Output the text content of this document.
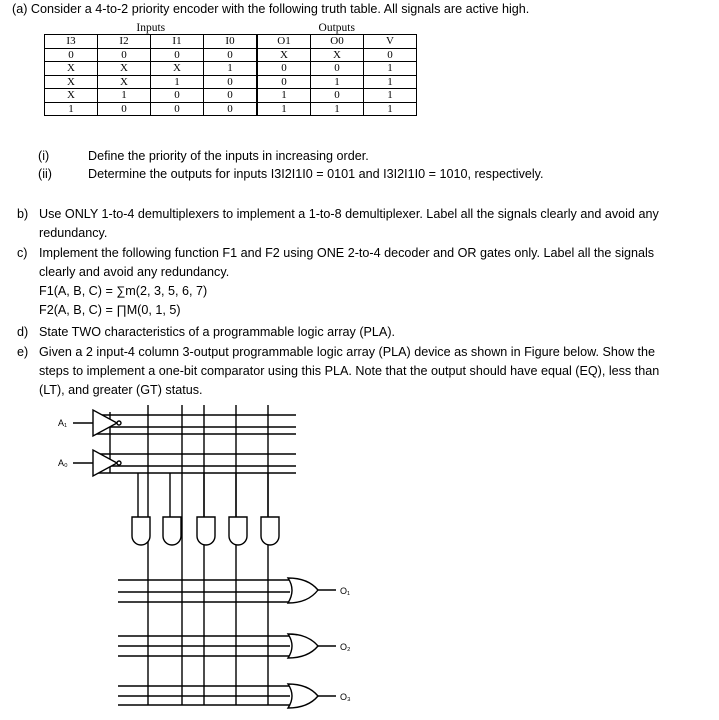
(a) Consider a 4-to-2 priority encoder with the following truth table. All signals are active high.
Inputs				Outputs		
I3	I2	I1	I0	O1	O0	V
0	0	0	0	X	X	0
X	X	X	1	0	0	1
X	X	1	0	0	1	1
X	1	0	0	1	0	1
1	0	0	0	1	1	1
(i)	Define the priority of the inputs in increasing order.
(ii)	Determine the outputs for inputs I3I2I1I0 = 0101 and I3I2I1I0 = 1010, respectively.
b) Use ONLY 1-to-4 demultiplexers to implement a 1-to-8 demultiplexer. Label all the signals clearly and avoid any
redundancy.
c) Implement the following function F1 and F2 using ONE 2-to-4 decoder and OR gates only. Label all the signals
clearly and avoid any redundancy.
F1(A, B, C) = ∑m(2, 3, 5, 6, 7)
F2(A, B, C) = ∏M(0, 1, 5)
d) State TWO characteristics of a programmable logic array (PLA).
e) Given a 2 input-4 column 3-output programmable logic array (PLA) device as shown in Figure below. Show the
steps to implement a one-bit comparator using this PLA. Note that the output should have equal (EQ), less than
(LT), and greater (GT) status.
A₁
A₀
O₁
O₂
O₃
